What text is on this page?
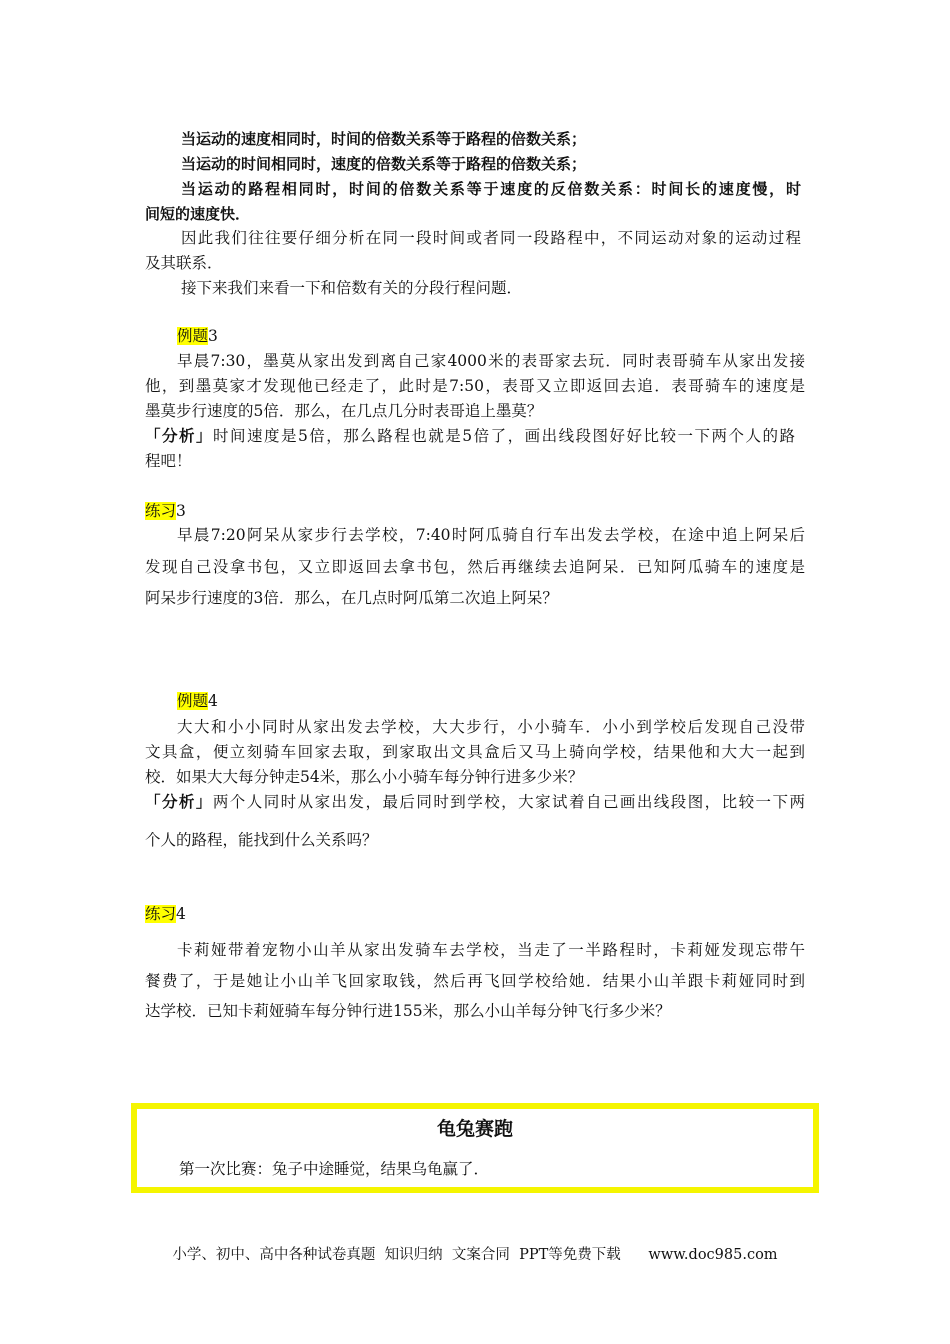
当运动的速度相同时，时间的倍数关系等于路程的倍数关系；
当运动的时间相同时，速度的倍数关系等于路程的倍数关系；
当运动的路程相同时，时间的倍数关系等于速度的反倍数关系：时间长的速度慢，时
间短的速度快．
因此我们往往要仔细分析在同一段时间或者同一段路程中，不同运动对象的运动过程
及其联系．
接下来我们来看一下和倍数有关的分段行程问题．
例题3
早晨7:30，墨莫从家出发到离自己家4000米的表哥家去玩．同时表哥骑车从家出发接
他，到墨莫家才发现他已经走了，此时是7:50，表哥又立即返回去追．表哥骑车的速度是
墨莫步行速度的5倍．那么，在几点几分时表哥追上墨莫？
「分析」时间速度是5倍，那么路程也就是5倍了，画出线段图好好比较一下两个人的路
程吧！
练习3
早晨7:20阿呆从家步行去学校，7:40时阿瓜骑自行车出发去学校，在途中追上阿呆后
发现自己没拿书包，又立即返回去拿书包，然后再继续去追阿呆．已知阿瓜骑车的速度是
阿呆步行速度的3倍．那么，在几点时阿瓜第二次追上阿呆？
例题4
大大和小小同时从家出发去学校，大大步行，小小骑车．小小到学校后发现自己没带
文具盒，便立刻骑车回家去取，到家取出文具盒后又马上骑向学校，结果他和大大一起到
校．如果大大每分钟走54米，那么小小骑车每分钟行进多少米？
「分析」两个人同时从家出发，最后同时到学校，大家试着自己画出线段图，比较一下两
个人的路程，能找到什么关系吗？
练习4
卡莉娅带着宠物小山羊从家出发骑车去学校，当走了一半路程时，卡莉娅发现忘带午
餐费了，于是她让小山羊飞回家取钱，然后再飞回学校给她．结果小山羊跟卡莉娅同时到
达学校．已知卡莉娅骑车每分钟行进155米，那么小山羊每分钟飞行多少米？
龟兔赛跑
第一次比赛：兔子中途睡觉，结果乌龟赢了．
小学、初中、高中各种试卷真题  知识归纳  文案合同  PPT等免费下载      www.doc985.com
